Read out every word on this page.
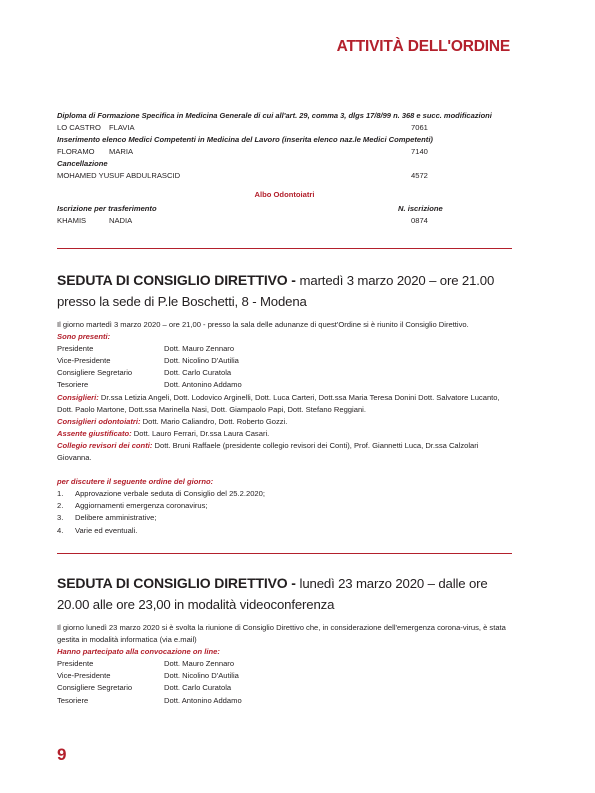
ATTIVITÀ DELL'ORDINE
Diploma di Formazione Specifica in Medicina Generale di cui all'art. 29, comma 3, dlgs 17/8/99 n. 368 e succ. modificazioni
LO CASTRO	FLAVIA	7061
Inserimento elenco Medici Competenti in Medicina del Lavoro (inserita elenco naz.le Medici Competenti)
FLORAMO	MARIA	7140
Cancellazione
MOHAMED YUSUF ABDULRASCID	4572
Albo Odontoiatri
Iscrizione per trasferimento	N. iscrizione
KHAMIS	NADIA	0874
SEDUTA DI CONSIGLIO DIRETTIVO - martedì 3 marzo 2020 – ore 21.00
presso la sede di P.le Boschetti, 8 - Modena
Il giorno martedì 3 marzo 2020 – ore 21,00 - presso la sala delle adunanze di quest'Ordine si è riunito il Consiglio Direttivo.
Sono presenti:
Presidente	Dott. Mauro Zennaro
Vice-Presidente	Dott. Nicolino D'Autilia
Consigliere Segretario	Dott. Carlo Curatola
Tesoriere	Dott. Antonino Addamo
Consiglieri: Dr.ssa Letizia Angeli, Dott. Lodovico Arginelli, Dott. Luca Carteri, Dott.ssa Maria Teresa Donini Dott. Salvatore Lucanto, Dott. Paolo Martone, Dott.ssa Marinella Nasi, Dott. Giampaolo Papi, Dott. Stefano Reggiani.
Consiglieri odontoiatri: Dott. Mario Caliandro, Dott. Roberto Gozzi.
Assente giustificato: Dott. Lauro Ferrari, Dr.ssa Laura Casari.
Collegio revisori dei conti: Dott. Bruni Raffaele (presidente collegio revisori dei Conti), Prof. Giannetti Luca, Dr.ssa Calzolari Giovanna.
per discutere il seguente ordine del giorno:
1.	Approvazione verbale seduta di Consiglio del 25.2.2020;
2.	Aggiornamenti emergenza coronavirus;
3.	Delibere amministrative;
4.	Varie ed eventuali.
SEDUTA DI CONSIGLIO DIRETTIVO - lunedì 23 marzo 2020 – dalle ore
20.00 alle ore 23,00 in modalità videoconferenza
Il giorno lunedì 23 marzo 2020 si è svolta la riunione di Consiglio Direttivo che, in considerazione dell'emergenza corona-virus, è stata gestita in modalità informatica (via e.mail)
Hanno partecipato alla convocazione on line:
Presidente	Dott. Mauro Zennaro
Vice-Presidente	Dott. Nicolino D'Autilia
Consigliere Segretario	Dott. Carlo Curatola
Tesoriere	Dott. Antonino Addamo
9
